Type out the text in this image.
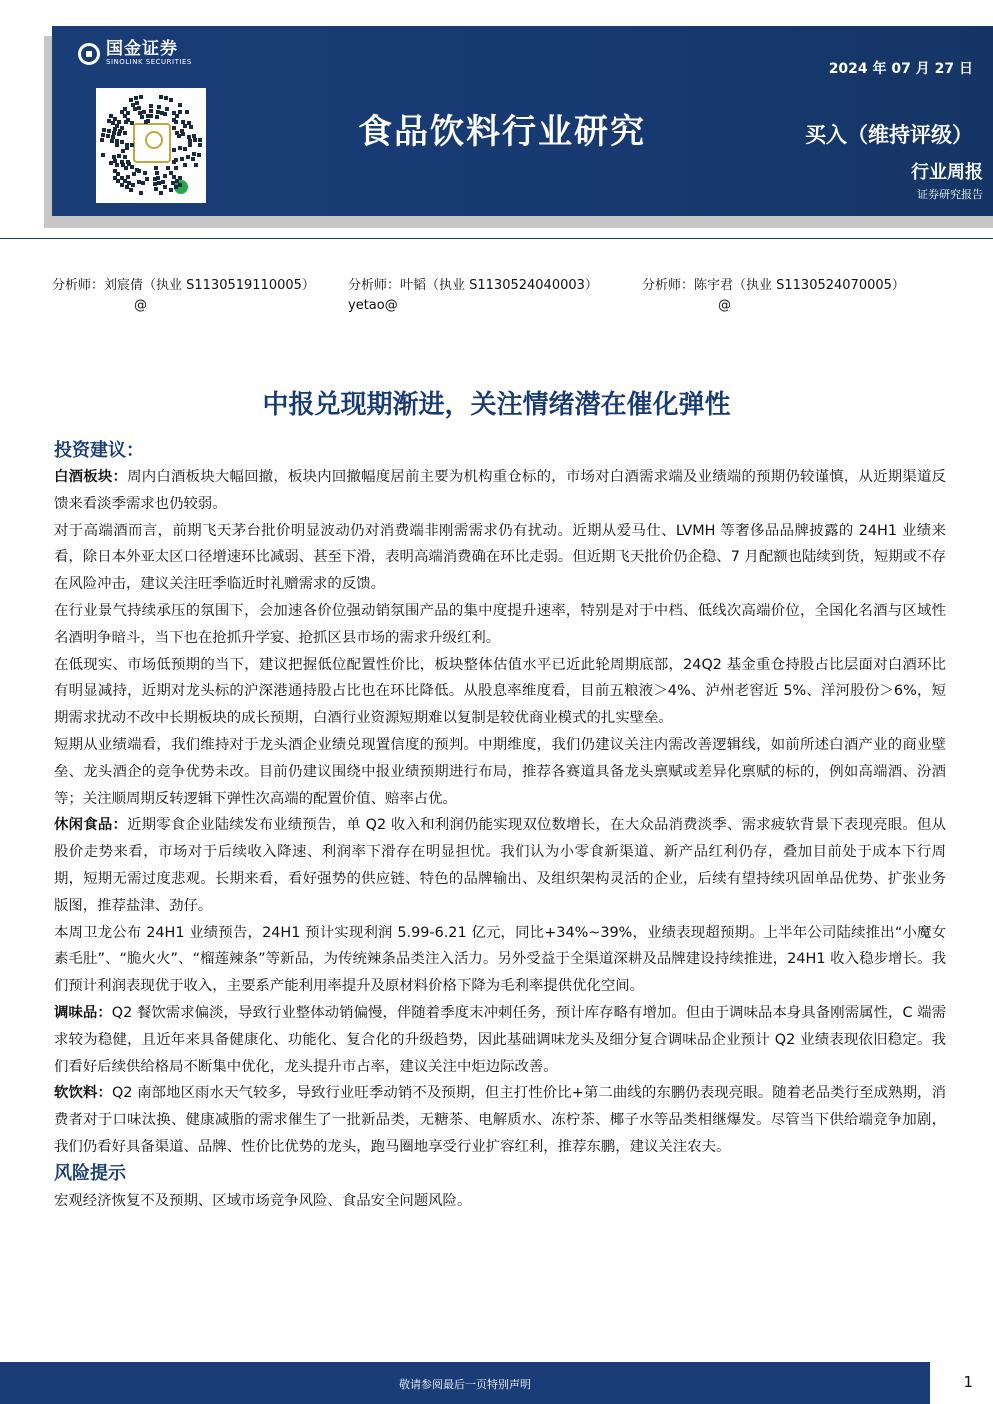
国金证券
SINOLINK SECURITIES	2024 年 07 月 27 日
食品饮料行业研究	买入（维持评级）
行业周报
证券研究报告
分析师：刘宸倩（执业 S1130519110005）
@
分析师：叶韬（执业 S1130524040003）
yetao@
分析师：陈宇君（执业 S1130524070005）
@
中报兑现期渐进，关注情绪潜在催化弹性
投资建议：

白酒板块：周内白酒板块大幅回撤，板块内回撤幅度居前主要为机构重仓标的，市场对白酒需求端及业绩端的预期仍较谨慎，从近期渠道反馈来看淡季需求也仍较弱。

对于高端酒而言，前期飞天茅台批价明显波动仍对消费端非刚需需求仍有扰动。近期从爱马仕、LVMH 等奢侈品品牌披露的 24H1 业绩来看，除日本外亚太区口径增速环比减弱、甚至下滑，表明高端消费确在环比走弱。但近期飞天批价仍企稳、7 月配额也陆续到货，短期或不存在风险冲击，建议关注旺季临近时礼赠需求的反馈。

在行业景气持续承压的氛围下，会加速各价位强动销氛围产品的集中度提升速率，特别是对于中档、低线次高端价位，全国化名酒与区域性名酒明争暗斗，当下也在抢抓升学宴、抢抓区县市场的需求升级红利。

在低现实、市场低预期的当下，建议把握低位配置性价比，板块整体估值水平已近此轮周期底部，24Q2 基金重仓持股占比层面对白酒环比有明显减持，近期对龙头标的沪深港通持股占比也在环比降低。从股息率维度看，目前五粮液＞4%、泸州老窖近 5%、洋河股份＞6%，短期需求扰动不改中长期板块的成长预期，白酒行业资源短期难以复制是较优商业模式的扎实壁垒。

短期从业绩端看，我们维持对于龙头酒企业绩兑现置信度的预判。中期维度，我们仍建议关注内需改善逻辑线，如前所述白酒产业的商业壁垒、龙头酒企的竞争优势未改。目前仍建议围绕中报业绩预期进行布局，推荐各赛道具备龙头禀赋或差异化禀赋的标的，例如高端酒、汾酒等；关注顺周期反转逻辑下弹性次高端的配置价值、赔率占优。

休闲食品：近期零食企业陆续发布业绩预告，单 Q2 收入和利润仍能实现双位数增长，在大众品消费淡季、需求疲软背景下表现亮眼。但从股价走势来看，市场对于后续收入降速、利润率下滑存在明显担忧。我们认为小零食新渠道、新产品红利仍存，叠加目前处于成本下行周期，短期无需过度悲观。长期来看，看好强势的供应链、特色的品牌输出、及组织架构灵活的企业，后续有望持续巩固单品优势、扩张业务版图，推荐盐津、劲仔。

本周卫龙公布 24H1 业绩预告，24H1 预计实现利润 5.99-6.21 亿元，同比+34%~39%，业绩表现超预期。上半年公司陆续推出“小魔女素毛肚”、“脆火火”、“榴莲辣条”等新品，为传统辣条品类注入活力。另外受益于全渠道深耕及品牌建设持续推进，24H1 收入稳步增长。我们预计利润表现优于收入，主要系产能利用率提升及原材料价格下降为毛利率提供优化空间。

调味品：Q2 餐饮需求偏淡，导致行业整体动销偏慢，伴随着季度末冲刺任务，预计库存略有增加。但由于调味品本身具备刚需属性，C 端需求较为稳健，且近年来具备健康化、功能化、复合化的升级趋势，因此基础调味龙头及细分复合调味品企业预计 Q2 业绩表现依旧稳定。我们看好后续供给格局不断集中优化，龙头提升市占率，建议关注中炬边际改善。

软饮料：Q2 南部地区雨水天气较多，导致行业旺季动销不及预期，但主打性价比+第二曲线的东鹏仍表现亮眼。随着老品类行至成熟期，消费者对于口味汰换、健康减脂的需求催生了一批新品类，无糖茶、电解质水、冻柠茶、椰子水等品类相继爆发。尽管当下供给端竞争加剧，我们仍看好具备渠道、品牌、性价比优势的龙头，跑马圈地享受行业扩容红利，推荐东鹏，建议关注农夫。

风险提示
宏观经济恢复不及预期、区域市场竞争风险、食品安全问题风险。
敬请参阅最后一页特别声明	1
